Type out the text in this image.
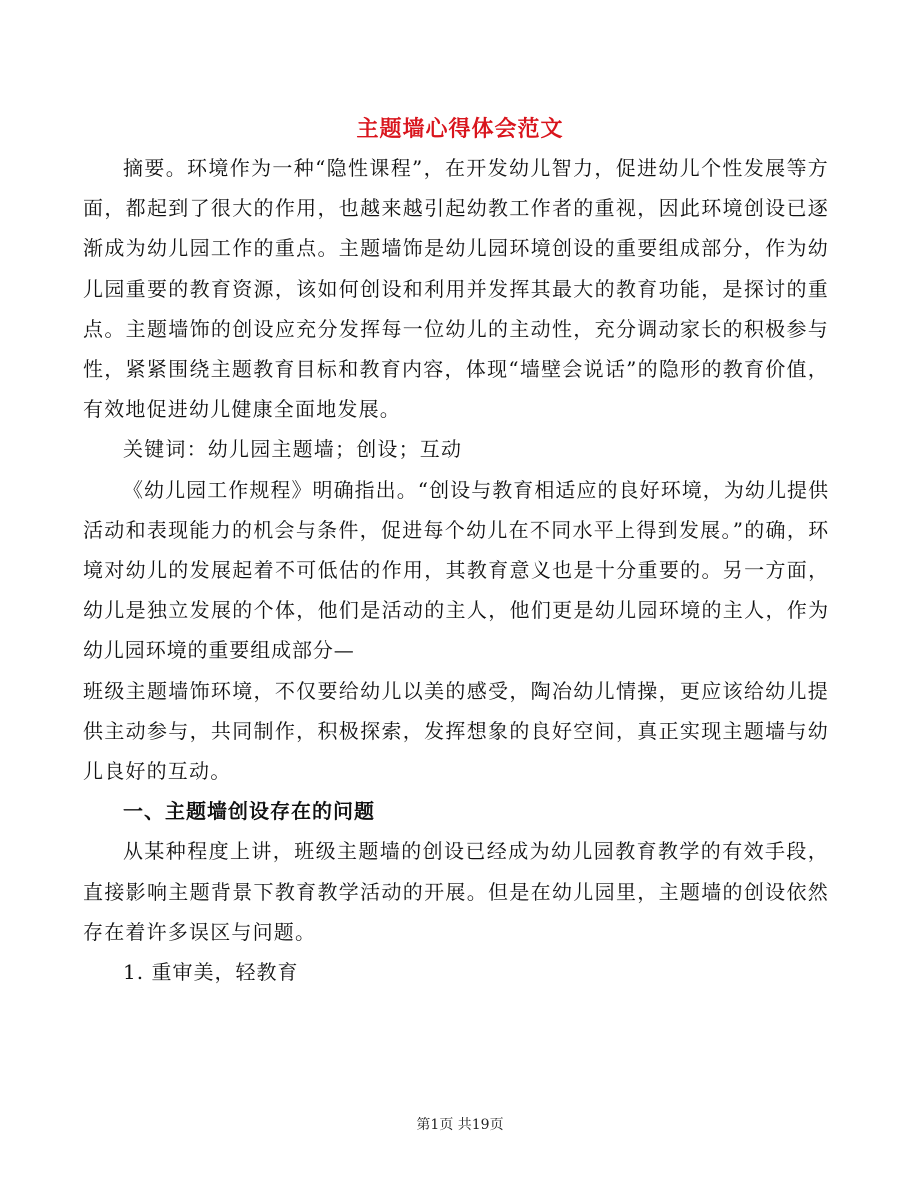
主题墙心得体会范文

摘要。环境作为一种“隐性课程”，在开发幼儿智力，促进幼儿个性发展等方面，都起到了很大的作用，也越来越引起幼教工作者的重视，因此环境创设已逐渐成为幼儿园工作的重点。主题墙饰是幼儿园环境创设的重要组成部分，作为幼儿园重要的教育资源，该如何创设和利用并发挥其最大的教育功能，是探讨的重点。主题墙饰的创设应充分发挥每一位幼儿的主动性，充分调动家长的积极参与性，紧紧围绕主题教育目标和教育内容，体现“墙壁会说话”的隐形的教育价值，有效地促进幼儿健康全面地发展。

关键词：幼儿园主题墙；创设；互动

《幼儿园工作规程》明确指出。“创设与教育相适应的良好环境，为幼儿提供活动和表现能力的机会与条件，促进每个幼儿在不同水平上得到发展。”的确，环境对幼儿的发展起着不可低估的作用，其教育意义也是十分重要的。另一方面，幼儿是独立发展的个体，他们是活动的主人，他们更是幼儿园环境的主人，作为幼儿园环境的重要组成部分—

班级主题墙饰环境，不仅要给幼儿以美的感受，陶冶幼儿情操，更应该给幼儿提供主动参与，共同制作，积极探索，发挥想象的良好空间，真正实现主题墙与幼儿良好的互动。

一、主题墙创设存在的问题

从某种程度上讲，班级主题墙的创设已经成为幼儿园教育教学的有效手段，直接影响主题背景下教育教学活动的开展。但是在幼儿园里，主题墙的创设依然存在着许多误区与问题。

1. 重审美，轻教育

第1页 共19页
